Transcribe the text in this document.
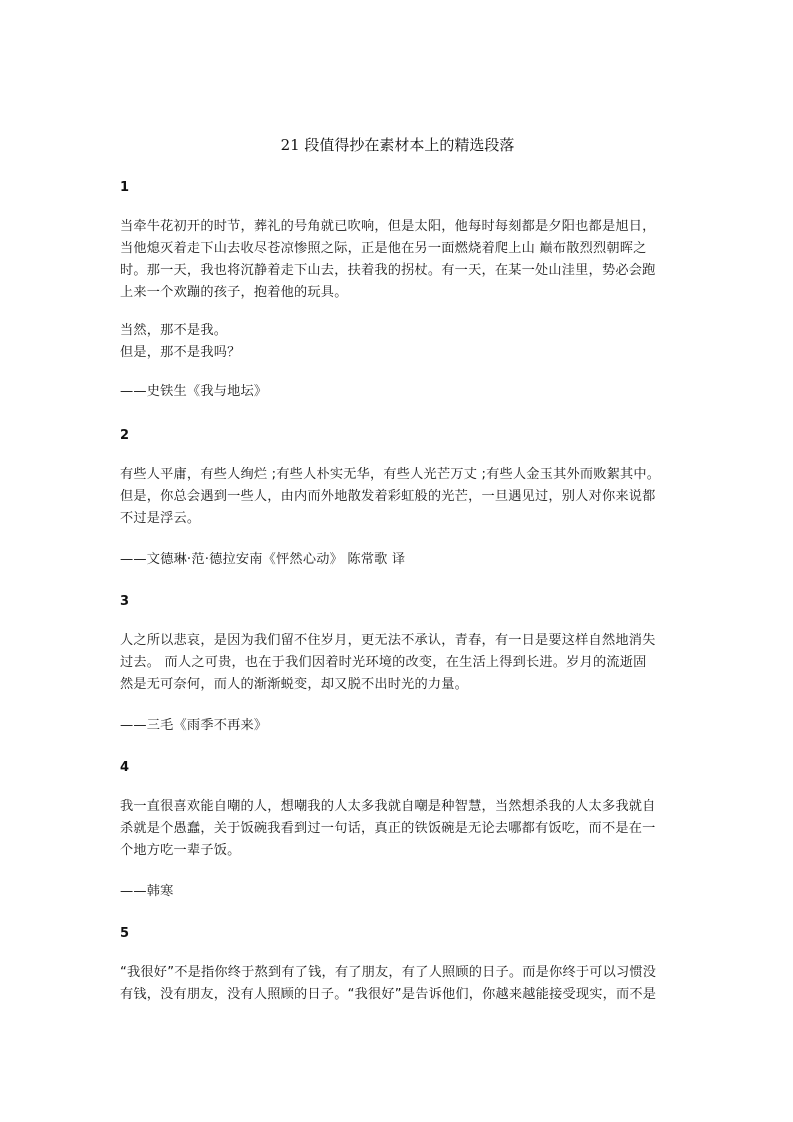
21 段值得抄在素材本上的精选段落
1
当牵牛花初开的时节，葬礼的号角就已吹响，但是太阳，他每时每刻都是夕阳也都是旭日，
当他熄灭着走下山去收尽苍凉惨照之际，正是他在另一面燃烧着爬上山 巅布散烈烈朝晖之
时。那一天，我也将沉静着走下山去，扶着我的拐杖。有一天，在某一处山洼里，势必会跑
上来一个欢蹦的孩子，抱着他的玩具。
当然，那不是我。
但是，那不是我吗？
——史铁生《我与地坛》
2
有些人平庸，有些人绚烂 ;有些人朴实无华，有些人光芒万丈 ;有些人金玉其外而败絮其中。
但是，你总会遇到一些人，由内而外地散发着彩虹般的光芒，一旦遇见过，别人对你来说都
不过是浮云。
——文德琳·范·德拉安南《怦然心动》 陈常歌 译
3
人之所以悲哀，是因为我们留不住岁月，更无法不承认，青春，有一日是要这样自然地消失
过去。 而人之可贵，也在于我们因着时光环境的改变，在生活上得到长进。岁月的流逝固
然是无可奈何，而人的渐渐蜕变，却又脱不出时光的力量。
——三毛《雨季不再来》
4
我一直很喜欢能自嘲的人，想嘲我的人太多我就自嘲是种智慧，当然想杀我的人太多我就自
杀就是个愚蠢，关于饭碗我看到过一句话，真正的铁饭碗是无论去哪都有饭吃，而不是在一
个地方吃一辈子饭。
——韩寒
5
“我很好”不是指你终于熬到有了钱，有了朋友，有了人照顾的日子。而是你终于可以习惯没
有钱，没有朋友，没有人照顾的日子。“我很好”是告诉他们，你越来越能接受现实，而不是
